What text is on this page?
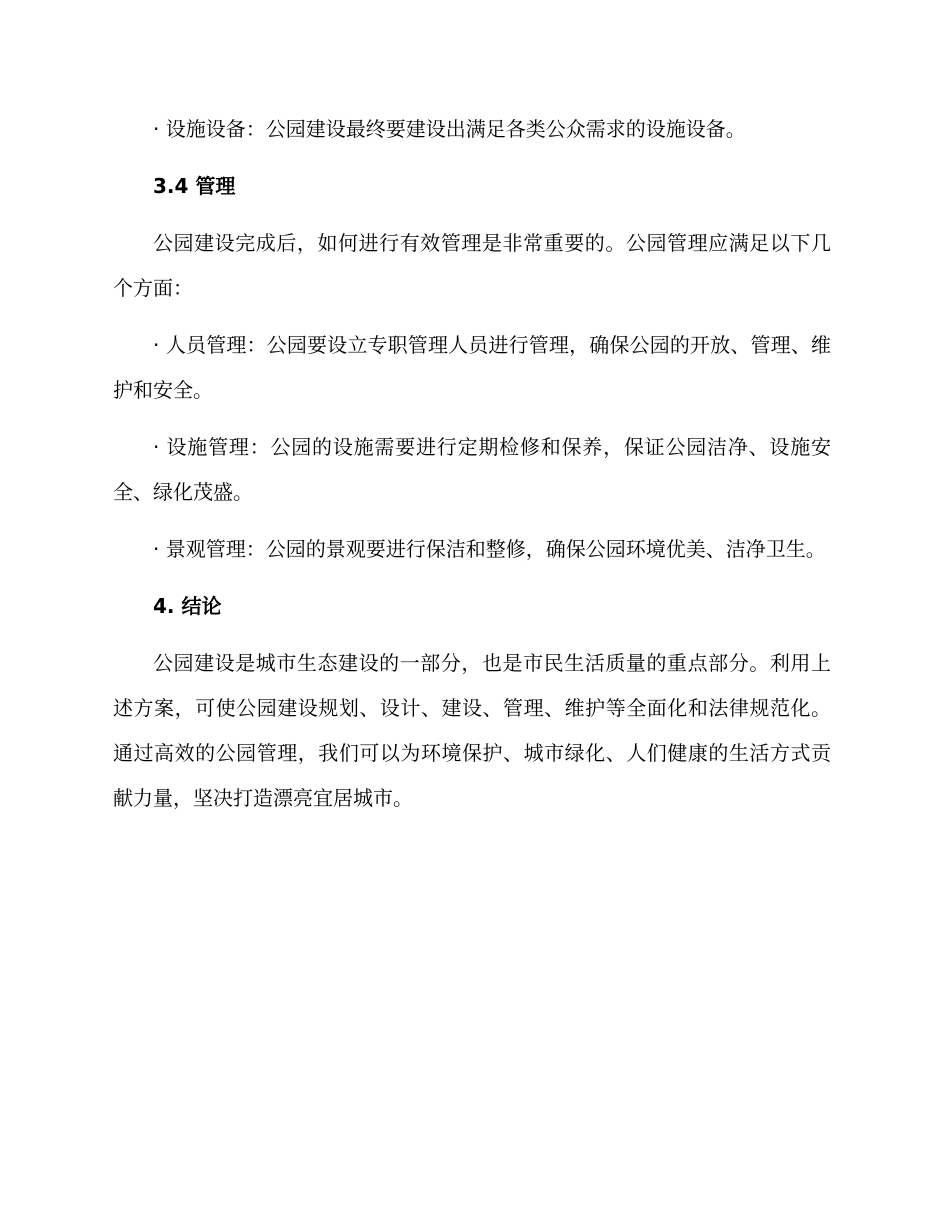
· 设施设备：公园建设最终要建设出满足各类公众需求的设施设备。

3.4 管理

公园建设完成后，如何进行有效管理是非常重要的。公园管理应满足以下几个方面：

· 人员管理：公园要设立专职管理人员进行管理，确保公园的开放、管理、维护和安全。

· 设施管理：公园的设施需要进行定期检修和保养，保证公园洁净、设施安全、绿化茂盛。

· 景观管理：公园的景观要进行保洁和整修，确保公园环境优美、洁净卫生。

4. 结论

公园建设是城市生态建设的一部分，也是市民生活质量的重点部分。利用上述方案，可使公园建设规划、设计、建设、管理、维护等全面化和法律规范化。通过高效的公园管理，我们可以为环境保护、城市绿化、人们健康的生活方式贡献力量，坚决打造漂亮宜居城市。
